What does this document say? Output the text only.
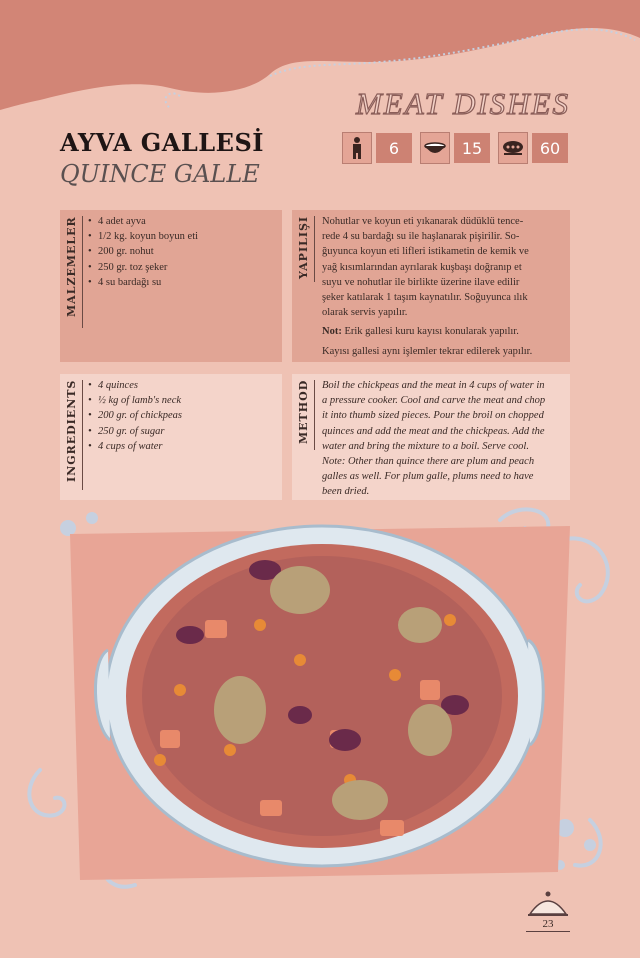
MEAT DISHES
AYVA GALLESİ
QUINCE GALLE
6	15	60
MALZEMELER	• 4 adet ayva
• 1/2 kg. koyun boyun eti
• 200 gr. nohut
• 250 gr. toz şeker
• 4 su bardağı su
YAPILIŞI Nohutlar ve koyun eti yıkanarak düdüklü tence-
rede 4 su bardağı su ile haşlanarak pişirilir. So-
ğuyunca koyun eti lifleri istikametin de kemik ve
yağ kısımlarından ayrılarak kuşbaşı doğranıp et
suyu ve nohutlar ile birlikte üzerine ilave edilir
şeker katılarak 1 taşım kaynatılır. Soğuyunca ılık
olarak servis yapılır.
Not: Erik gallesi kuru kayısı konularak yapılır.
Kayısı gallesi aynı işlemler tekrar edilerek yapılır.
INGREDIENTS	• 4 quinces
• ½ kg of lamb's neck
• 200 gr. of chickpeas
• 250 gr. of sugar
• 4 cups of water
METHOD Boil the chickpeas and the meat in 4 cups of water in
a pressure cooker. Cool and carve the meat and chop
it into thumb sized pieces. Pour the broil on chopped
quinces and add the meat and the chickpeas. Add the
water and bring the mixture to a boil. Serve cool.
Note: Other than quince there are plum and peach
galles as well. For plum galle, plums need to have
been dried.
23
